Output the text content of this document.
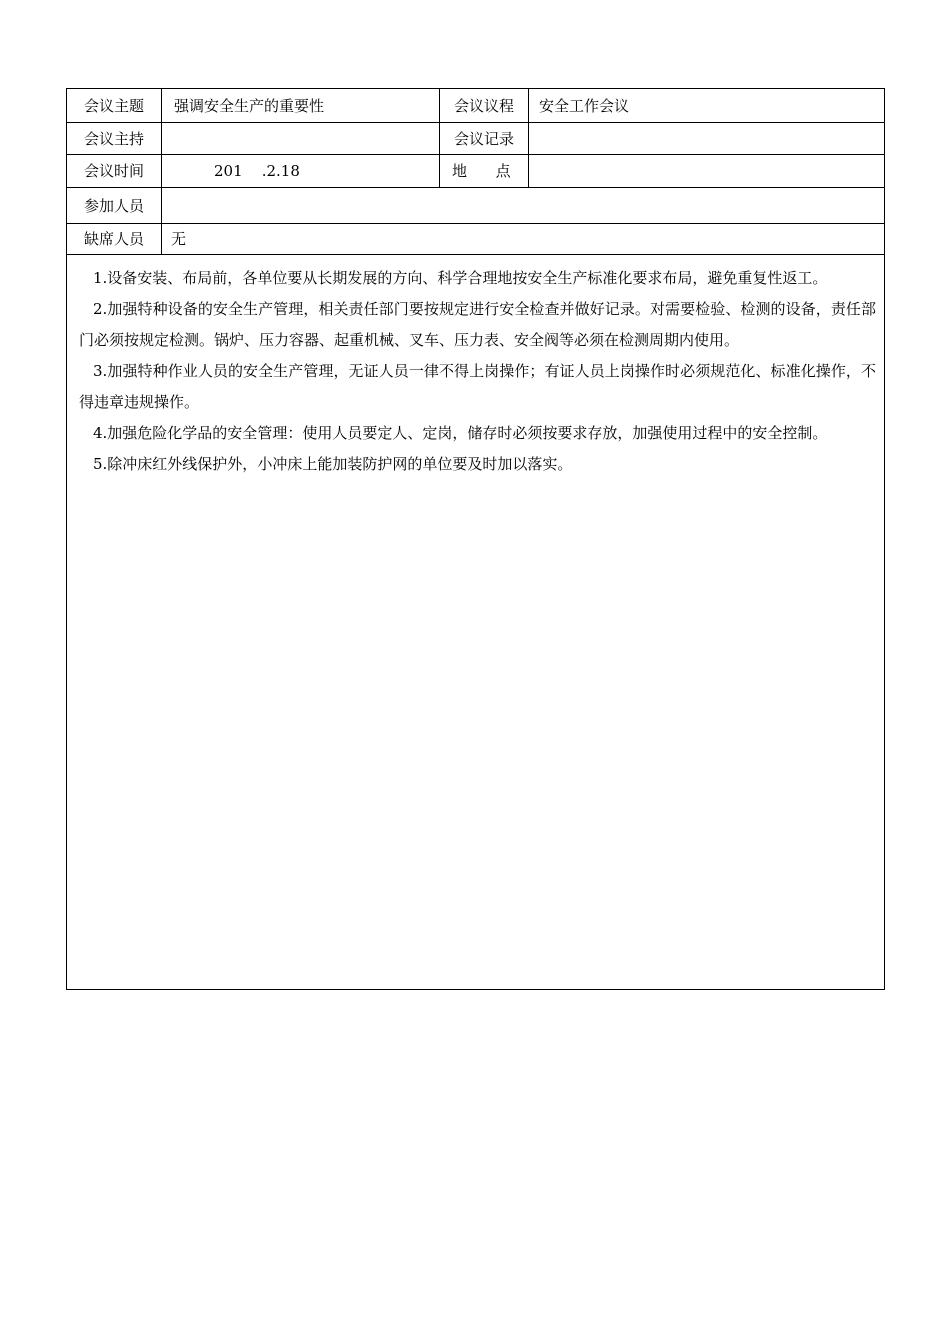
会议主题	强调安全生产的重要性	会议议程	安全工作会议
会议主持		会议记录	
会议时间	201    .2.18	地      点	
参加人员			
缺席人员	无		

1.设备安装、布局前，各单位要从长期发展的方向、科学合理地按安全生产标准化要求布局，避免重复性返工。

2.加强特种设备的安全生产管理，相关责任部门要按规定进行安全检查并做好记录。对需要检验、检测的设备，责任部门必须按规定检测。锅炉、压力容器、起重机械、叉车、压力表、安全阀等必须在检测周期内使用。

3.加强特种作业人员的安全生产管理，无证人员一律不得上岗操作；有证人员上岗操作时必须规范化、标准化操作，不得违章违规操作。

4.加强危险化学品的安全管理：使用人员要定人、定岗，储存时必须按要求存放，加强使用过程中的安全控制。

5.除冲床红外线保护外，小冲床上能加装防护网的单位要及时加以落实。			
